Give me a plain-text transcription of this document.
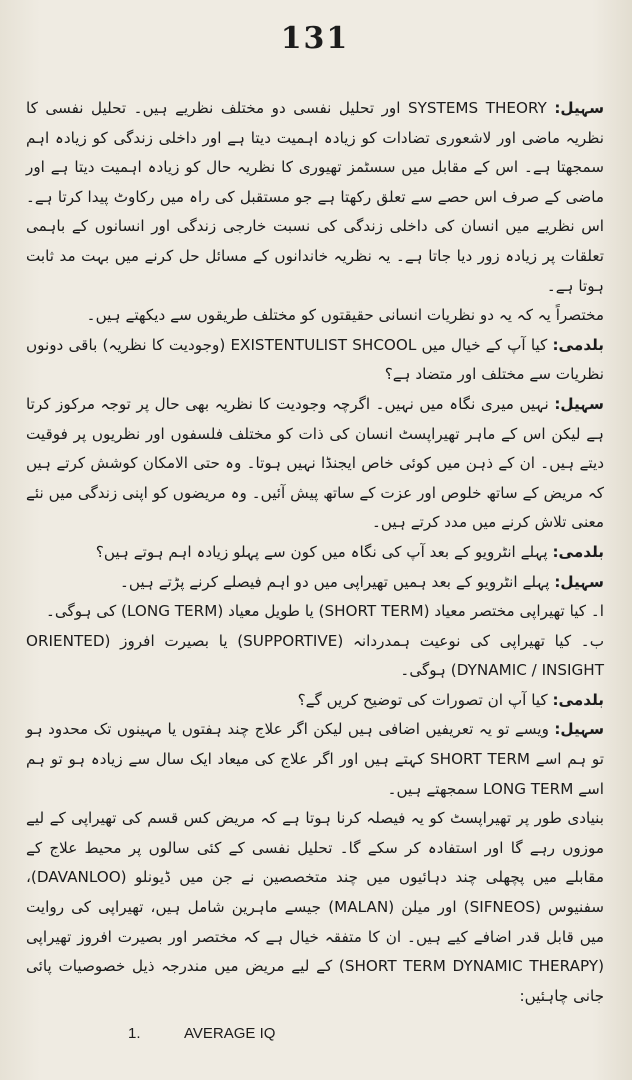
131

سہیل: SYSTEMS THEORY اور تحلیل نفسی دو مختلف نظریے ہیں۔ تحلیل نفسی کا نظریہ ماضی اور لاشعوری تضادات کو زیادہ اہمیت دیتا ہے اور داخلی زندگی کو زیادہ اہم سمجھتا ہے۔ اس کے مقابل میں سسٹمز تھیوری کا نظریہ حال کو زیادہ اہمیت دیتا ہے اور ماضی کے صرف اس حصے سے تعلق رکھتا ہے جو مستقبل کی راہ میں رکاوٹ پیدا کرتا ہے۔ اس نظریے میں انسان کی داخلی زندگی کی نسبت خارجی زندگی اور انسانوں کے باہمی تعلقات پر زیادہ زور دیا جاتا ہے۔ یہ نظریہ خاندانوں کے مسائل حل کرنے میں بہت مد ثابت ہوتا ہے۔

مختصراً یہ کہ یہ دو نظریات انسانی حقیقتوں کو مختلف طریقوں سے دیکھتے ہیں۔

بلدمی: کیا آپ کے خیال میں EXISTENTULIST SHCOOL (وجودیت کا نظریہ) باقی دونوں نظریات سے مختلف اور متضاد ہے؟

سہیل: نہیں میری نگاہ میں نہیں۔ اگرچہ وجودیت کا نظریہ بھی حال پر توجہ مرکوز کرتا ہے لیکن اس کے ماہر تھیراپسٹ انسان کی ذات کو مختلف فلسفوں اور نظریوں پر فوقیت دیتے ہیں۔ ان کے ذہن میں کوئی خاص ایجنڈا نہیں ہوتا۔ وہ حتی الامکان کوشش کرتے ہیں کہ مریض کے ساتھ خلوص اور عزت کے ساتھ پیش آئیں۔ وہ مریضوں کو اپنی زندگی میں نئے معنی تلاش کرنے میں مدد کرتے ہیں۔

بلدمی: پہلے انٹرویو کے بعد آپ کی نگاہ میں کون سے پہلو زیادہ اہم ہوتے ہیں؟

سہیل: پہلے انٹرویو کے بعد ہمیں تھیراپی میں دو اہم فیصلے کرنے پڑتے ہیں۔

ا۔ کیا تھیراپی مختصر معیاد (SHORT TERM) یا طویل معیاد (LONG TERM) کی ہوگی۔

ب۔ کیا تھیراپی کی نوعیت ہمدردانہ (SUPPORTIVE) یا بصیرت افروز (ORIENTED DYNAMIC / INSIGHT) ہوگی۔

بلدمی: کیا آپ ان تصورات کی توضیح کریں گے؟

سہیل: ویسے تو یہ تعریفیں اضافی ہیں لیکن اگر علاج چند ہفتوں یا مہینوں تک محدود ہو تو ہم اسے SHORT TERM کہتے ہیں اور اگر علاج کی میعاد ایک سال سے زیادہ ہو تو ہم اسے LONG TERM سمجھتے ہیں۔

بنیادی طور پر تھیراپسٹ کو یہ فیصلہ کرنا ہوتا ہے کہ مریض کس قسم کی تھیراپی کے لیے موزوں رہے گا اور استفادہ کر سکے گا۔ تحلیل نفسی کے کئی سالوں پر محیط علاج کے مقابلے میں پچھلی چند دہائیوں میں چند متخصصین نے جن میں ڈیونلو (DAVANLOO)، سفنیوس (SIFNEOS) اور میلن (MALAN) جیسے ماہرین شامل ہیں، تھیراپی کی روایت میں قابل قدر اضافے کیے ہیں۔ ان کا متفقہ خیال ہے کہ مختصر اور بصیرت افروز تھیراپی (SHORT TERM DYNAMIC THERAPY) کے لیے مریض میں مندرجہ ذیل خصوصیات پائی جانی چاہئیں:

1.	AVERAGE IQ
